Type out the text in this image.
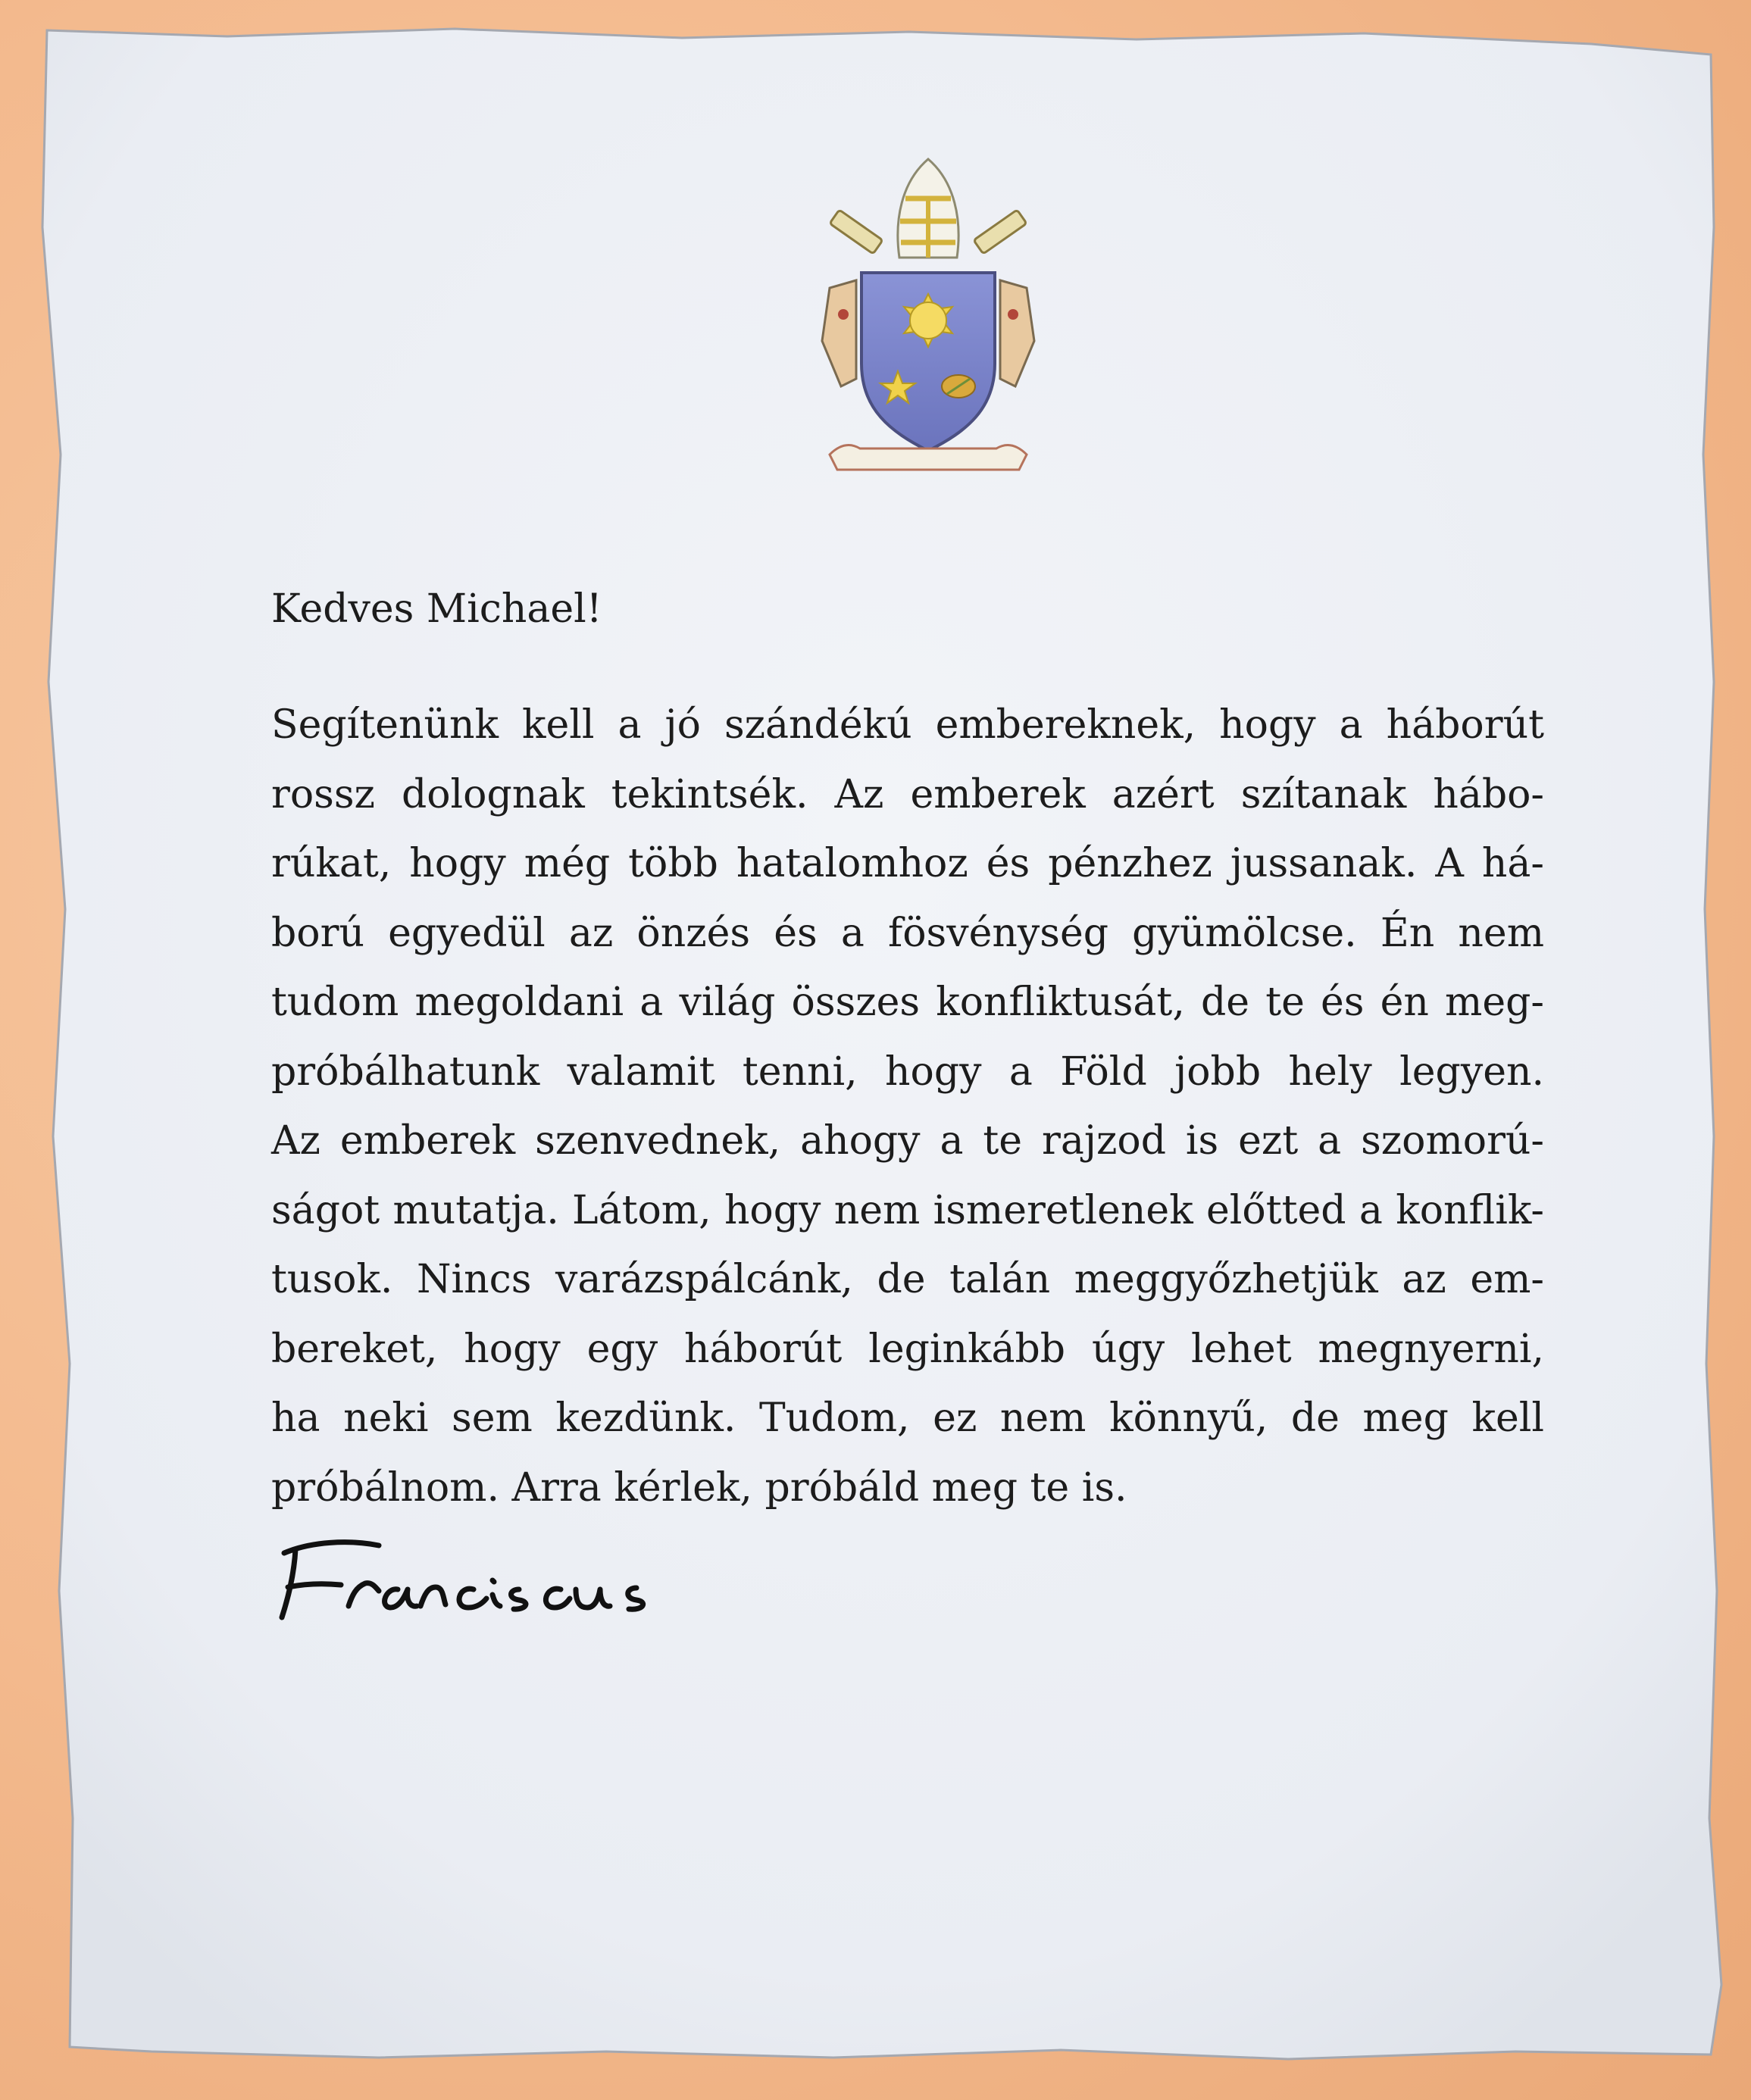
Kedves Michael!
Segítenünk kell a jó szándékú embereknek, hogy a háborút
rossz dolognak tekintsék. Az emberek azért szítanak hábo-
rúkat, hogy még több hatalomhoz és pénzhez jussanak. A há-
ború egyedül az önzés és a fösvénység gyümölcse. Én nem
tudom megoldani a világ összes konfliktusát, de te és én meg-
próbálhatunk valamit tenni, hogy a Föld jobb hely legyen.
Az emberek szenvednek, ahogy a te rajzod is ezt a szomorú-
ságot mutatja. Látom, hogy nem ismeretlenek előtted a konflik-
tusok. Nincs varázspálcánk, de talán meggyőzhetjük az em-
bereket, hogy egy háborút leginkább úgy lehet megnyerni,
ha neki sem kezdünk. Tudom, ez nem könnyű, de meg kell
próbálnom. Arra kérlek, próbáld meg te is.
